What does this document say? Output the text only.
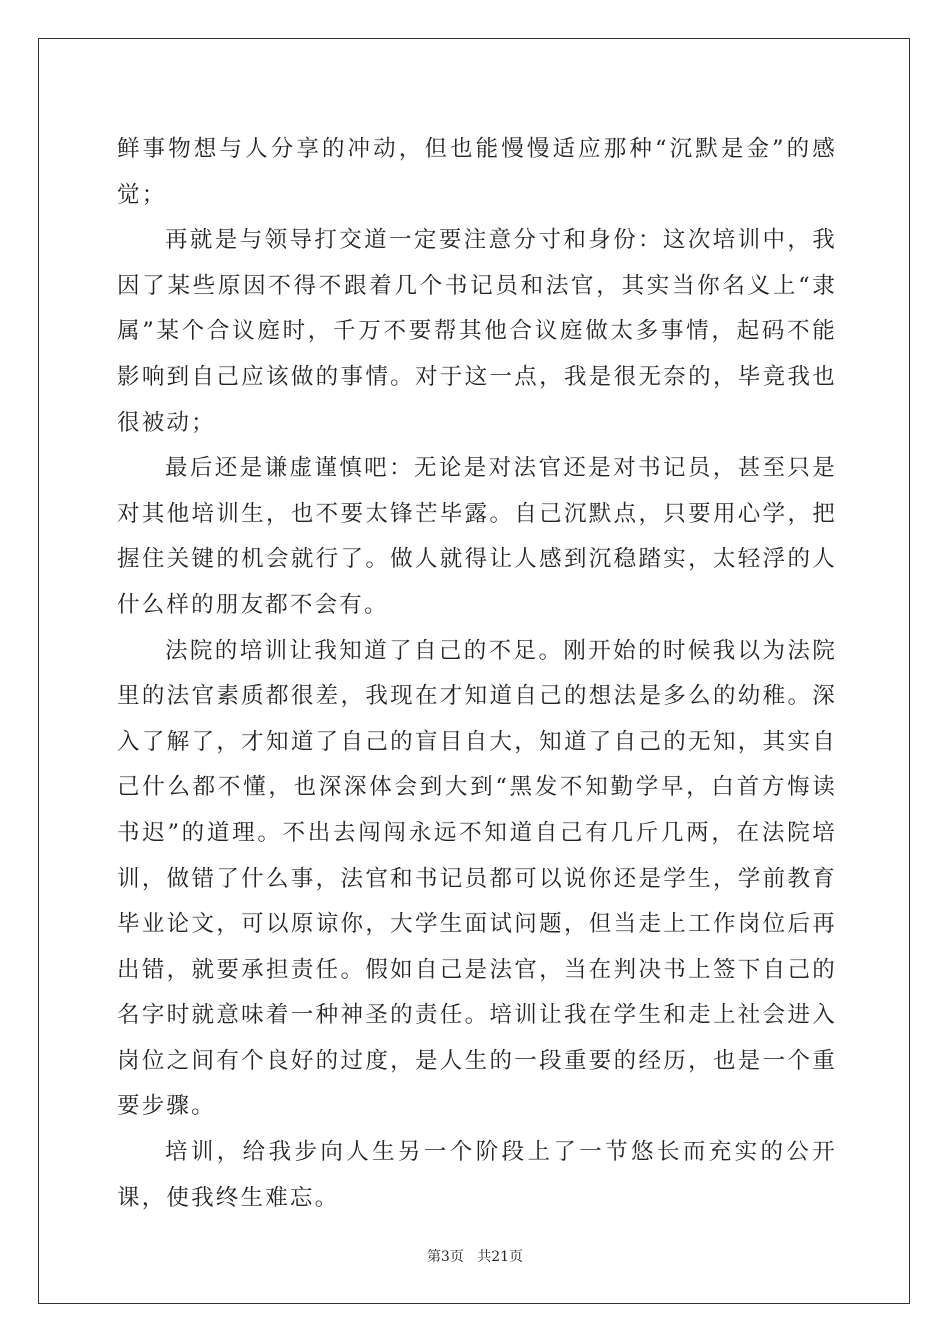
鲜事物想与人分享的冲动，但也能慢慢适应那种“沉默是金”的感觉；

再就是与领导打交道一定要注意分寸和身份：这次培训中，我因了某些原因不得不跟着几个书记员和法官，其实当你名义上“隶属”某个合议庭时，千万不要帮其他合议庭做太多事情，起码不能影响到自己应该做的事情。对于这一点，我是很无奈的，毕竟我也很被动；

最后还是谦虚谨慎吧：无论是对法官还是对书记员，甚至只是对其他培训生，也不要太锋芒毕露。自己沉默点，只要用心学，把握住关键的机会就行了。做人就得让人感到沉稳踏实，太轻浮的人什么样的朋友都不会有。

法院的培训让我知道了自己的不足。刚开始的时候我以为法院里的法官素质都很差，我现在才知道自己的想法是多么的幼稚。深入了解了，才知道了自己的盲目自大，知道了自己的无知，其实自己什么都不懂，也深深体会到大到“黑发不知勤学早，白首方悔读书迟”的道理。不出去闯闯永远不知道自己有几斤几两，在法院培训，做错了什么事，法官和书记员都可以说你还是学生，学前教育毕业论文，可以原谅你，大学生面试问题，但当走上工作岗位后再出错，就要承担责任。假如自己是法官，当在判决书上签下自己的名字时就意味着一种神圣的责任。培训让我在学生和走上社会进入岗位之间有个良好的过度，是人生的一段重要的经历，也是一个重要步骤。

培训，给我步向人生另一个阶段上了一节悠长而充实的公开课，使我终生难忘。

第3页 共21页
